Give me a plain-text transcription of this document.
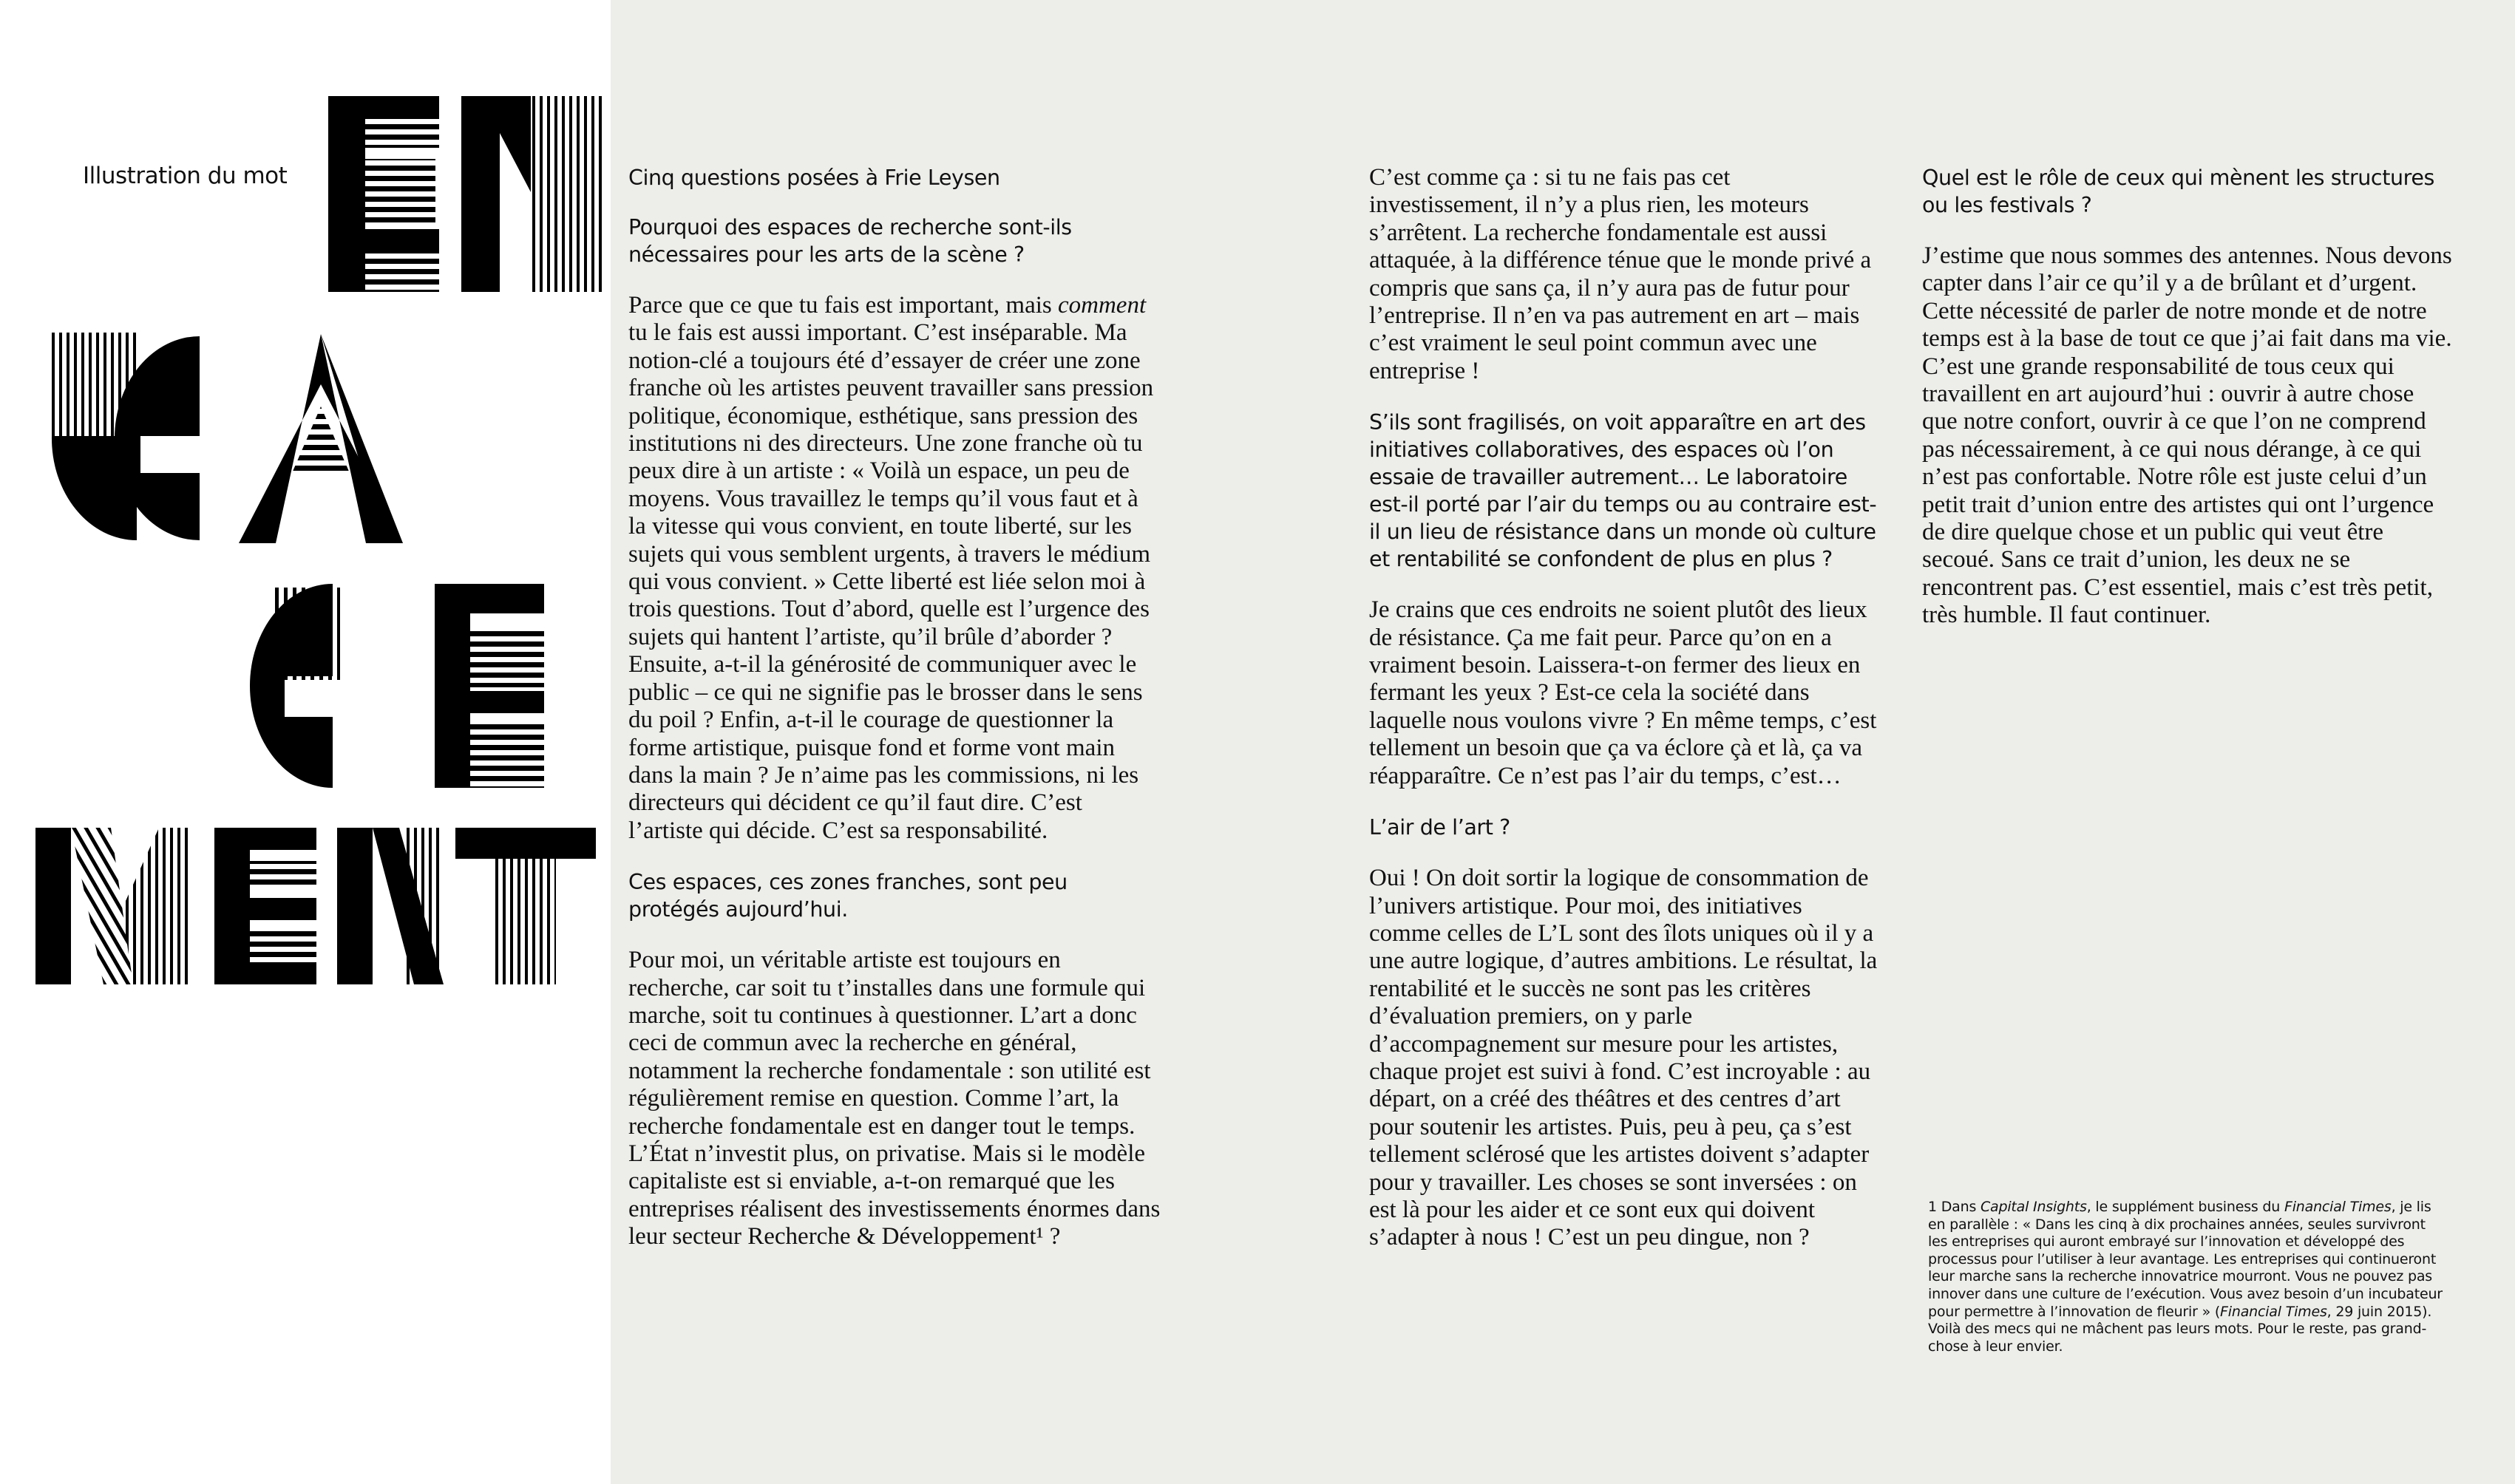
Illustration du mot	Cinq questions posées à Frie Leysen
Pourquoi des espaces de recherche sont-ils nécessaires pour les arts de la scène ?
Parce que ce que tu fais est important, mais comment tu le fais est aussi important. C’est inséparable. Ma notion-clé a toujours été d’essayer de créer une zone franche où les artistes peuvent travailler sans pression politique, économique, esthétique, sans pression des institutions ni des directeurs. Une zone franche où tu peux dire à un artiste : « Voilà un espace, un peu de moyens. Vous travaillez le temps qu’il vous faut et à la vitesse qui vous convient, en toute liberté, sur les sujets qui vous semblent urgents, à travers le médium qui vous convient. » Cette liberté est liée selon moi à trois questions. Tout d’abord, quelle est l’urgence des sujets qui hantent l’artiste, qu’il brûle d’aborder ? Ensuite, a-t-il la générosité de communiquer avec le public – ce qui ne signifie pas le brosser dans le sens du poil ? Enfin, a-t-il le courage de questionner la forme artistique, puisque fond et forme vont main dans la main ? Je n’aime pas les commissions, ni les directeurs qui décident ce qu’il faut dire. C’est l’artiste qui décide. C’est sa responsabilité.
Ces espaces, ces zones franches, sont peu protégés aujourd’hui.
Pour moi, un véritable artiste est toujours en recherche, car soit tu t’installes dans une formule qui marche, soit tu continues à questionner. L’art a donc ceci de commun avec la recherche en général, notamment la recherche fondamentale : son utilité est régulièrement remise en question. Comme l’art, la recherche fondamentale est en danger tout le temps. L’État n’investit plus, on privatise. Mais si le modèle capitaliste est si enviable, a-t-on remarqué que les entreprises réalisent des investissements énormes dans leur secteur Recherche & Développement¹ ?
C’est comme ça : si tu ne fais pas cet investissement, il n’y a plus rien, les moteurs s’arrêtent. La recherche fondamentale est aussi attaquée, à la différence ténue que le monde privé a compris que sans ça, il n’y aura pas de futur pour l’entreprise. Il n’en va pas autrement en art – mais c’est vraiment le seul point commun avec une entreprise !
S’ils sont fragilisés, on voit apparaître en art des initiatives collaboratives, des espaces où l’on essaie de travailler autrement… Le laboratoire est-il porté par l’air du temps ou au contraire est-il un lieu de résistance dans un monde où culture et rentabilité se confondent de plus en plus ?
Je crains que ces endroits ne soient plutôt des lieux de résistance. Ça me fait peur. Parce qu’on en a vraiment besoin. Laissera-t-on fermer des lieux en fermant les yeux ? Est-ce cela la société dans laquelle nous voulons vivre ? En même temps, c’est tellement un besoin que ça va éclore çà et là, ça va réapparaître. Ce n’est pas l’air du temps, c’est…
L’air de l’art ?
Oui ! On doit sortir la logique de consommation de l’univers artistique. Pour moi, des initiatives comme celles de L’L sont des îlots uniques où il y a une autre logique, d’autres ambitions. Le résultat, la rentabilité et le succès ne sont pas les critères d’évaluation premiers, on y parle d’accompagnement sur mesure pour les artistes, chaque projet est suivi à fond. C’est incroyable : au départ, on a créé des théâtres et des centres d’art pour soutenir les artistes. Puis, peu à peu, ça s’est tellement sclérosé que les artistes doivent s’adapter pour y travailler. Les choses se sont inversées : on est là pour les aider et ce sont eux qui doivent s’adapter à nous ! C’est un peu dingue, non ?
Quel est le rôle de ceux qui mènent les structures ou les festivals ?
J’estime que nous sommes des antennes. Nous devons capter dans l’air ce qu’il y a de brûlant et d’urgent. Cette nécessité de parler de notre monde et de notre temps est à la base de tout ce que j’ai fait dans ma vie. C’est une grande responsabilité de tous ceux qui travaillent en art aujourd’hui : ouvrir à autre chose que notre confort, ouvrir à ce que l’on ne comprend pas nécessairement, à ce qui nous dérange, à ce qui n’est pas confortable. Notre rôle est juste celui d’un petit trait d’union entre des artistes qui ont l’urgence de dire quelque chose et un public qui veut être secoué. Sans ce trait d’union, les deux ne se rencontrent pas. C’est essentiel, mais c’est très petit, très humble. Il faut continuer.
1 Dans Capital Insights, le supplément business du Financial Times, je lis en parallèle : « Dans les cinq à dix prochaines années, seules survivront les entreprises qui auront embrayé sur l’innovation et développé des processus pour l’utiliser à leur avantage. Les entreprises qui continueront leur marche sans la recherche innovatrice mourront. Vous ne pouvez pas innover dans une culture de l’exécution. Vous avez besoin d’un incubateur pour permettre à l’innovation de fleurir » (Financial Times, 29 juin 2015). Voilà des mecs qui ne mâchent pas leurs mots. Pour le reste, pas grand-chose à leur envier.
